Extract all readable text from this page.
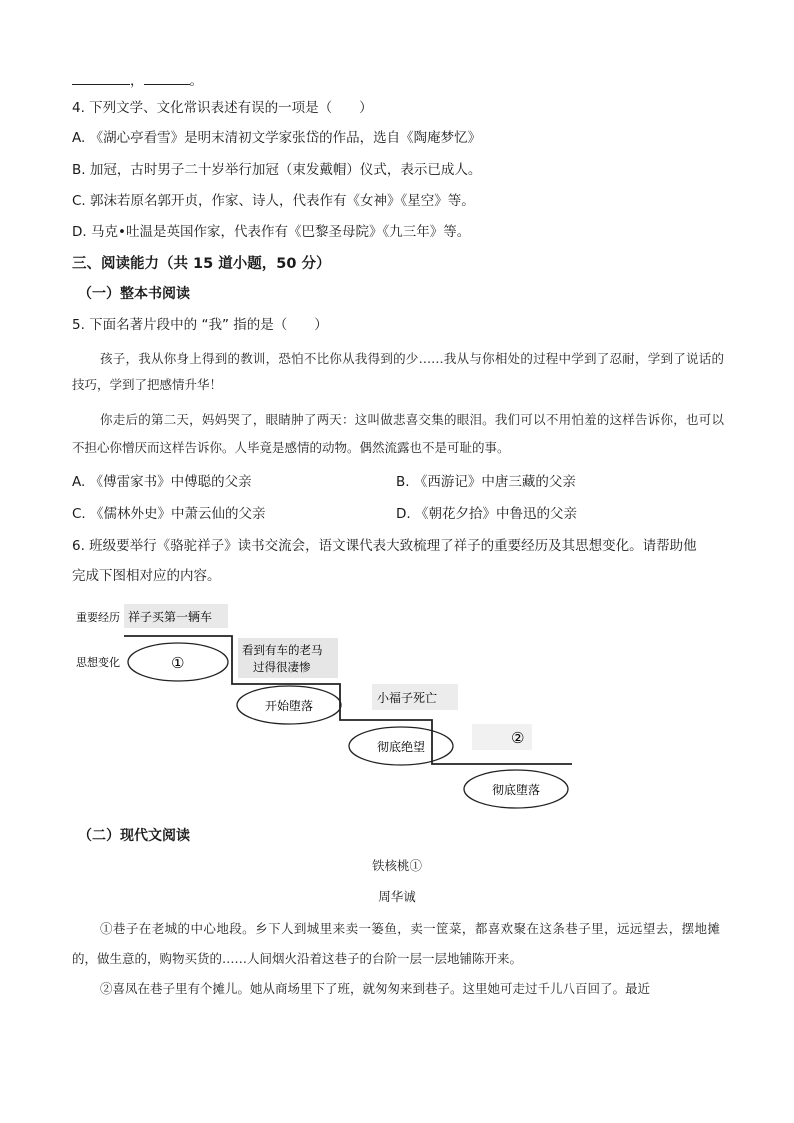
，	。
4. 下列文学、文化常识表述有误的一项是（　　）
A. 《湖心亭看雪》是明末清初文学家张岱的作品，选自《陶庵梦忆》
B. 加冠，古时男子二十岁举行加冠（束发戴帽）仪式，表示已成人。
C. 郭沫若原名郭开贞，作家、诗人，代表作有《女神》《星空》等。
D. 马克•吐温是英国作家，代表作有《巴黎圣母院》《九三年》等。
三、阅读能力（共 15 道小题，50 分）
（一）整本书阅读
5. 下面名著片段中的 “我” 指的是（　　）

孩子，我从你身上得到的教训，恐怕不比你从我得到的少……我从与你相处的过程中学到了忍耐，学到了说话的技巧，学到了把感情升华！

你走后的第二天，妈妈哭了，眼睛肿了两天：这叫做悲喜交集的眼泪。我们可以不用怕羞的这样告诉你，也可以不担心你憎厌而这样告诉你。人毕竟是感情的动物。偶然流露也不是可耻的事。

A. 《傅雷家书》中傅聪的父亲	B. 《西游记》中唐三藏的父亲
C. 《儒林外史》中萧云仙的父亲	D. 《朝花夕拾》中鲁迅的父亲
6. 班级要举行《骆驼祥子》读书交流会，语文课代表大致梳理了祥子的重要经历及其思想变化。请帮助他
完成下图相对应的内容。
重要经历
思想变化
祥子买第一辆车
看到有车的老马
过得很凄惨
小福子死亡
①
开始堕落
彻底绝望	②
彻底堕落
（二）现代文阅读
铁核桃①
周华诚

①巷子在老城的中心地段。乡下人到城里来卖一篓鱼，卖一筐菜，都喜欢聚在这条巷子里，远远望去，摆地摊的，做生意的，购物买货的……人间烟火沿着这巷子的台阶一层一层地铺陈开来。

②喜凤在巷子里有个摊儿。她从商场里下了班，就匆匆来到巷子。这里她可走过千儿八百回了。最近
